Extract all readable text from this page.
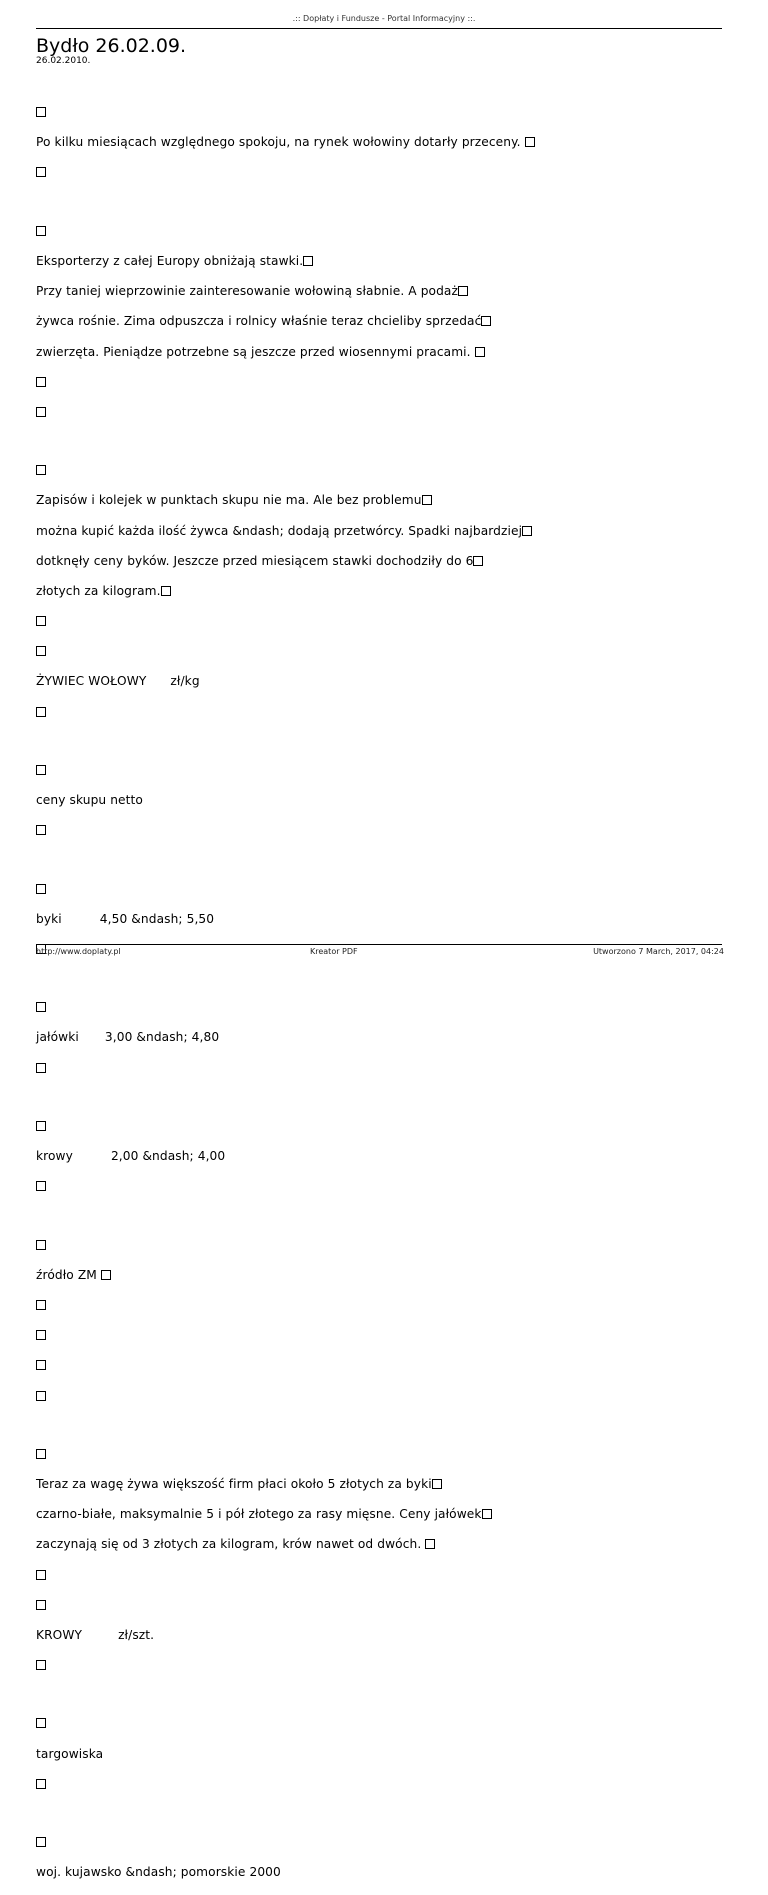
.:: Dopłaty i Fundusze - Portal Informacyjny ::.
Bydło 26.02.09.
26.02.2010.

Po kilku miesiącach względnego spokoju, na rynek wołowiny dotarły przeceny.

Eksporterzy z całej Europy obniżają stawki.

Przy taniej wieprzowinie zainteresowanie wołowiną słabnie. A podaż

żywca rośnie. Zima odpuszcza i rolnicy właśnie teraz chcieliby sprzedać

zwierzęta. Pieniądze potrzebne są jeszcze przed wiosennymi pracami.

Zapisów i kolejek w punktach skupu nie ma. Ale bez problemu

można kupić każda ilość żywca &ndash; dodają przetwórcy. Spadki najbardziej

dotknęły ceny byków. Jeszcze przed miesiącem stawki dochodziły do 6

złotych za kilogram.

ŻYWIEC WOŁOWY zł/kg

ceny skupu netto

byki	4,50 &ndash; 5,50

jałówki 3,00 &ndash; 4,80

krowy	2,00 &ndash; 4,00

źródło ZM

Teraz za wagę żywa większość firm płaci około 5 złotych za byki

czarno-białe, maksymalnie 5 i pół złotego za rasy mięsne. Ceny jałówek

zaczynają się od 3 złotych za kilogram, krów nawet od dwóch.

KROWY	zł/szt.

targowiska

woj. kujawsko &ndash; pomorskie 2000

http://www.doplaty.pl	Kreator PDF	Utworzono 7 March, 2017, 04:24
